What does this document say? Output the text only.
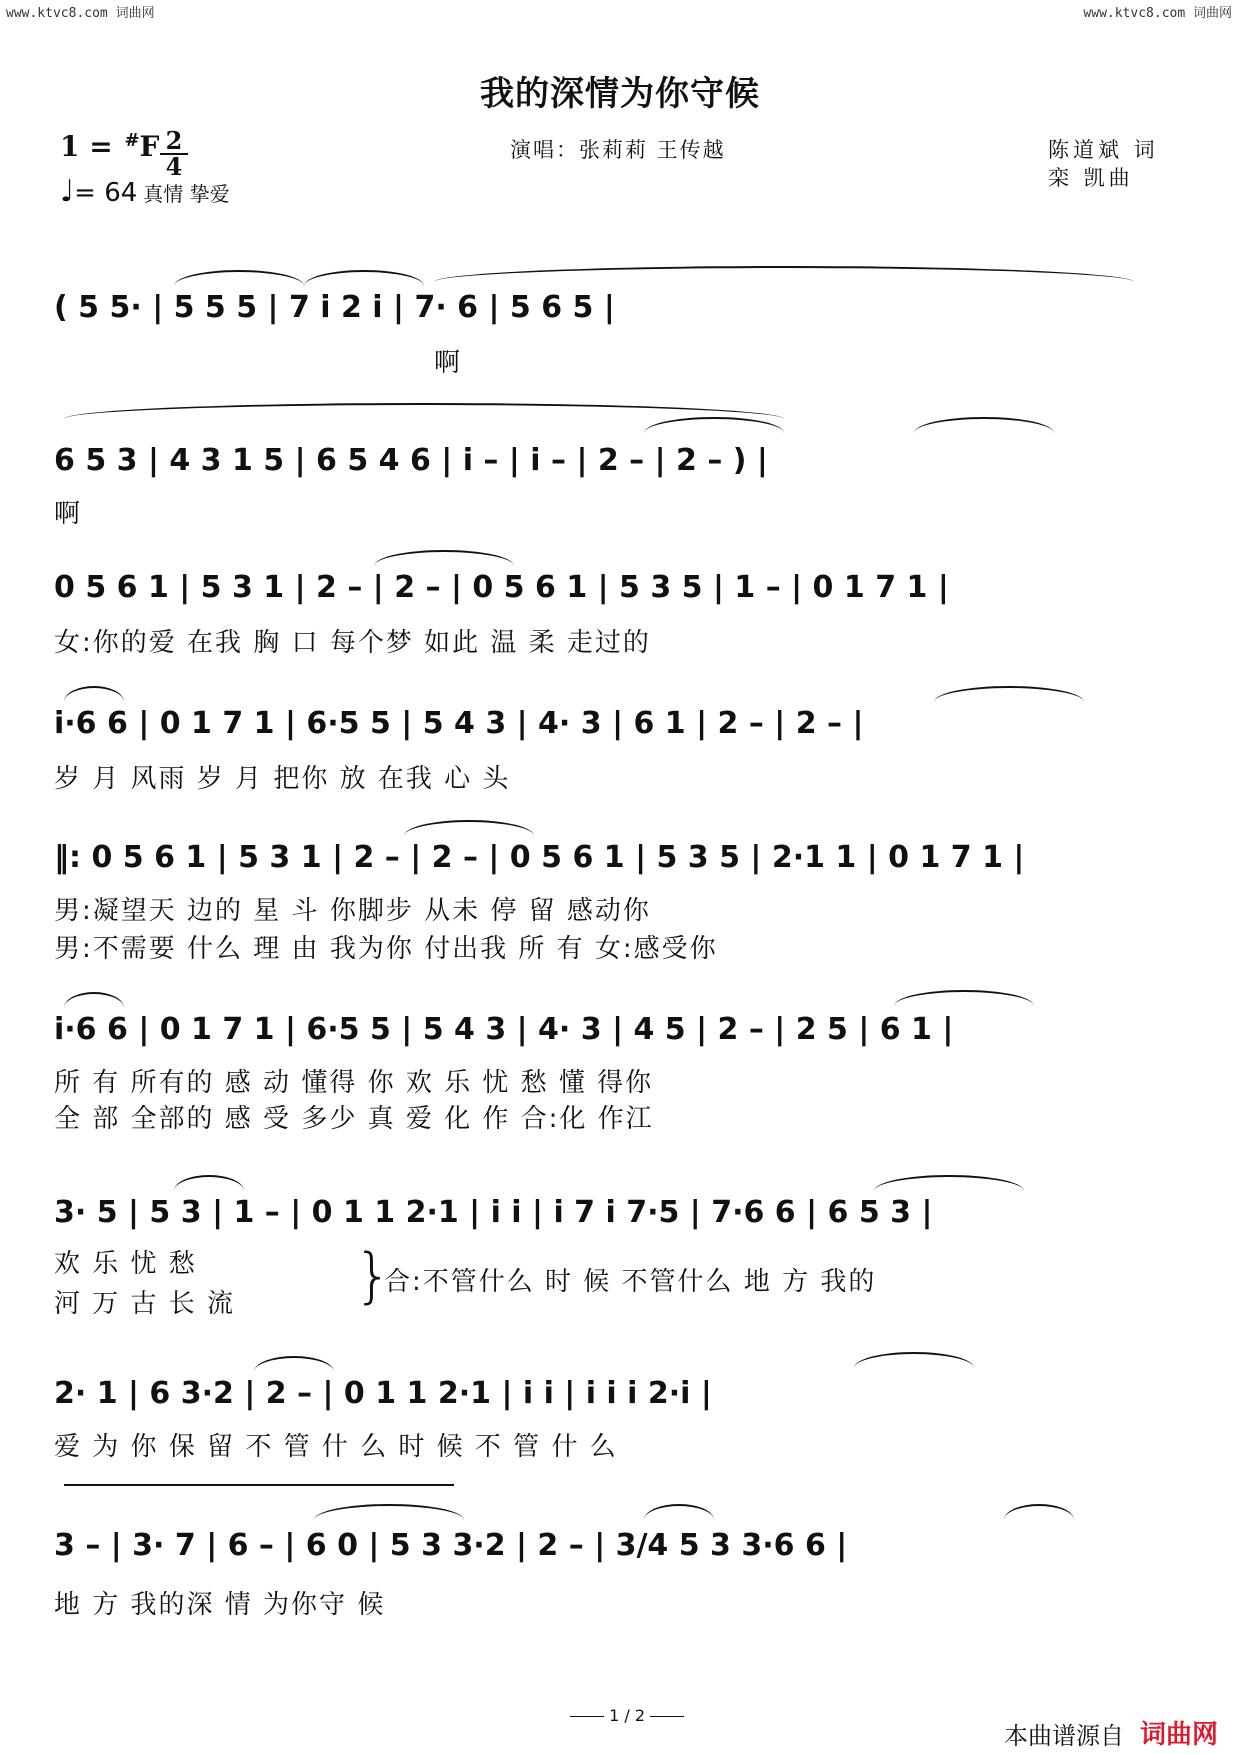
www.ktvc8.com 词曲网	www.ktvc8.com 词曲网
我的深情为你守候
1 = #F 2
4
♩= 64 真情 挚爱
演唱：张莉莉 王传越	陈道斌 词
栾 凯曲
( 5 5· | 5 5 5 | 7 i 2 i | 7· 6 | 5 6 5 |
啊
6 5 3 | 4 3 1 5 | 6 5 4 6 | i – | i – | 2 – | 2 – ) |
啊
0 5 6 1 | 5 3 1 | 2 – | 2 – | 0 5 6 1 | 5 3 5 | 1 – | 0 1 7 1 |
女:你的爱 在我 胸 口 每个梦 如此 温 柔 走过的
i·6 6 | 0 1 7 1 | 6·5 5 | 5 4 3 | 4· 3 | 6 1 | 2 – | 2 – |
岁 月 风雨 岁 月 把你 放 在我 心 头
‖: 0 5 6 1 | 5 3 1 | 2 – | 2 – | 0 5 6 1 | 5 3 5 | 2·1 1 | 0 1 7 1 |
男:凝望天 边的 星 斗 你脚步 从未 停 留 感动你
男:不需要 什么 理 由 我为你 付出我 所 有 女:感受你
i·6 6 | 0 1 7 1 | 6·5 5 | 5 4 3 | 4· 3 | 4 5 | 2 – | 2 5 | 6 1 |
所 有 所有的 感 动 懂得 你 欢 乐 忧 愁 懂 得你
全 部 全部的 感 受 多少 真 爱 化 作 合:化 作江
3· 5 | 5 3 | 1 – | 0 1 1 2·1 | i i | i 7 i 7·5 | 7·6 6 | 6 5 3 |
欢 乐 忧 愁
河 万 古 长 流	}
合:不管什么 时 候 不管什么 地 方 我的
2· 1 | 6 3·2 | 2 – | 0 1 1 2·1 | i i | i i i 2·i |
爱 为 你 保 留 不 管 什 么 时 候 不 管 什 么
3 – | 3· 7 | 6 – | 6 0 | 5 3 3·2 | 2 – | 3/4 5 3 3·6 6 |
地 方 我的深 情 为你守 候
1 / 2
本曲谱源自 词曲网
